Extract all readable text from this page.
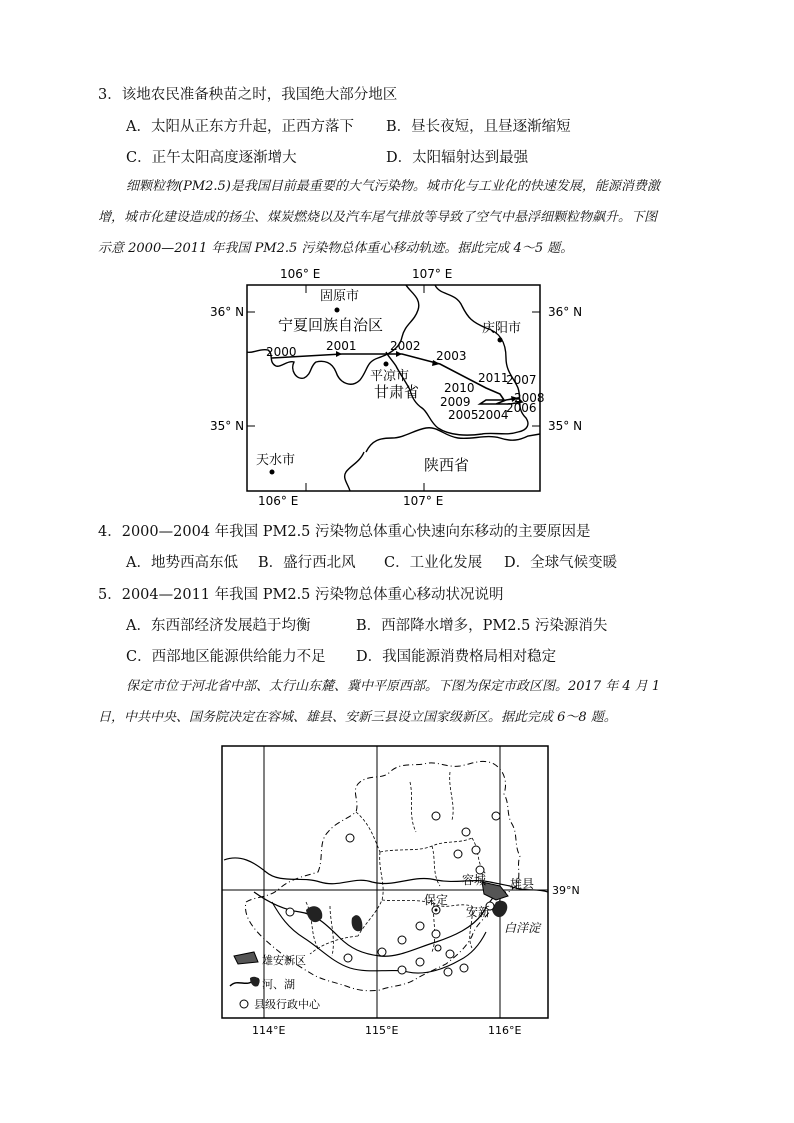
3．该地农民准备秧苗之时，我国绝大部分地区
A．太阳从正东方升起，正西方落下 B．昼长夜短，且昼逐渐缩短
C．正午太阳高度逐渐增大	D．太阳辐射达到最强
细颗粒物(PM2.5)是我国目前最重要的大气污染物。城市化与工业化的快速发展，能源消费激
增，城市化建设造成的扬尘、煤炭燃烧以及汽车尾气排放等导致了空气中悬浮细颗粒物飙升。下图
示意 2000—2011 年我国 PM2.5 污染物总体重心移动轨迹。据此完成 4～5 题。
106° E	107° E
36° N	36° N
35° N	35° N
106° E	107° E
固原市
宁夏回族自治区	庆阳市
平凉市
甘肃省
陕西省
天水市
2000 2001	2002
2003
2011
2007
2010
2009	2008
2005 2004
2006
4．2000—2004 年我国 PM2.5 污染物总体重心快速向东移动的主要原因是
A．地势西高东低 B．盛行西北风 C．工业化发展 D．全球气候变暖
5．2004—2011 年我国 PM2.5 污染物总体重心移动状况说明
A．东西部经济发展趋于均衡	B．西部降水增多，PM2.5 污染源消失
C．西部地区能源供给能力不足 D．我国能源消费格局相对稳定
保定市位于河北省中部、太行山东麓、冀中平原西部。下图为保定市政区图。2017 年 4 月 1
日，中共中央、国务院决定在容城、雄县、安新三县设立国家级新区。据此完成 6～8 题。
容城 雄县
保定
安新
白洋淀
39°N
雄安新区
河、湖
县级行政中心
114°E	115°E	116°E
